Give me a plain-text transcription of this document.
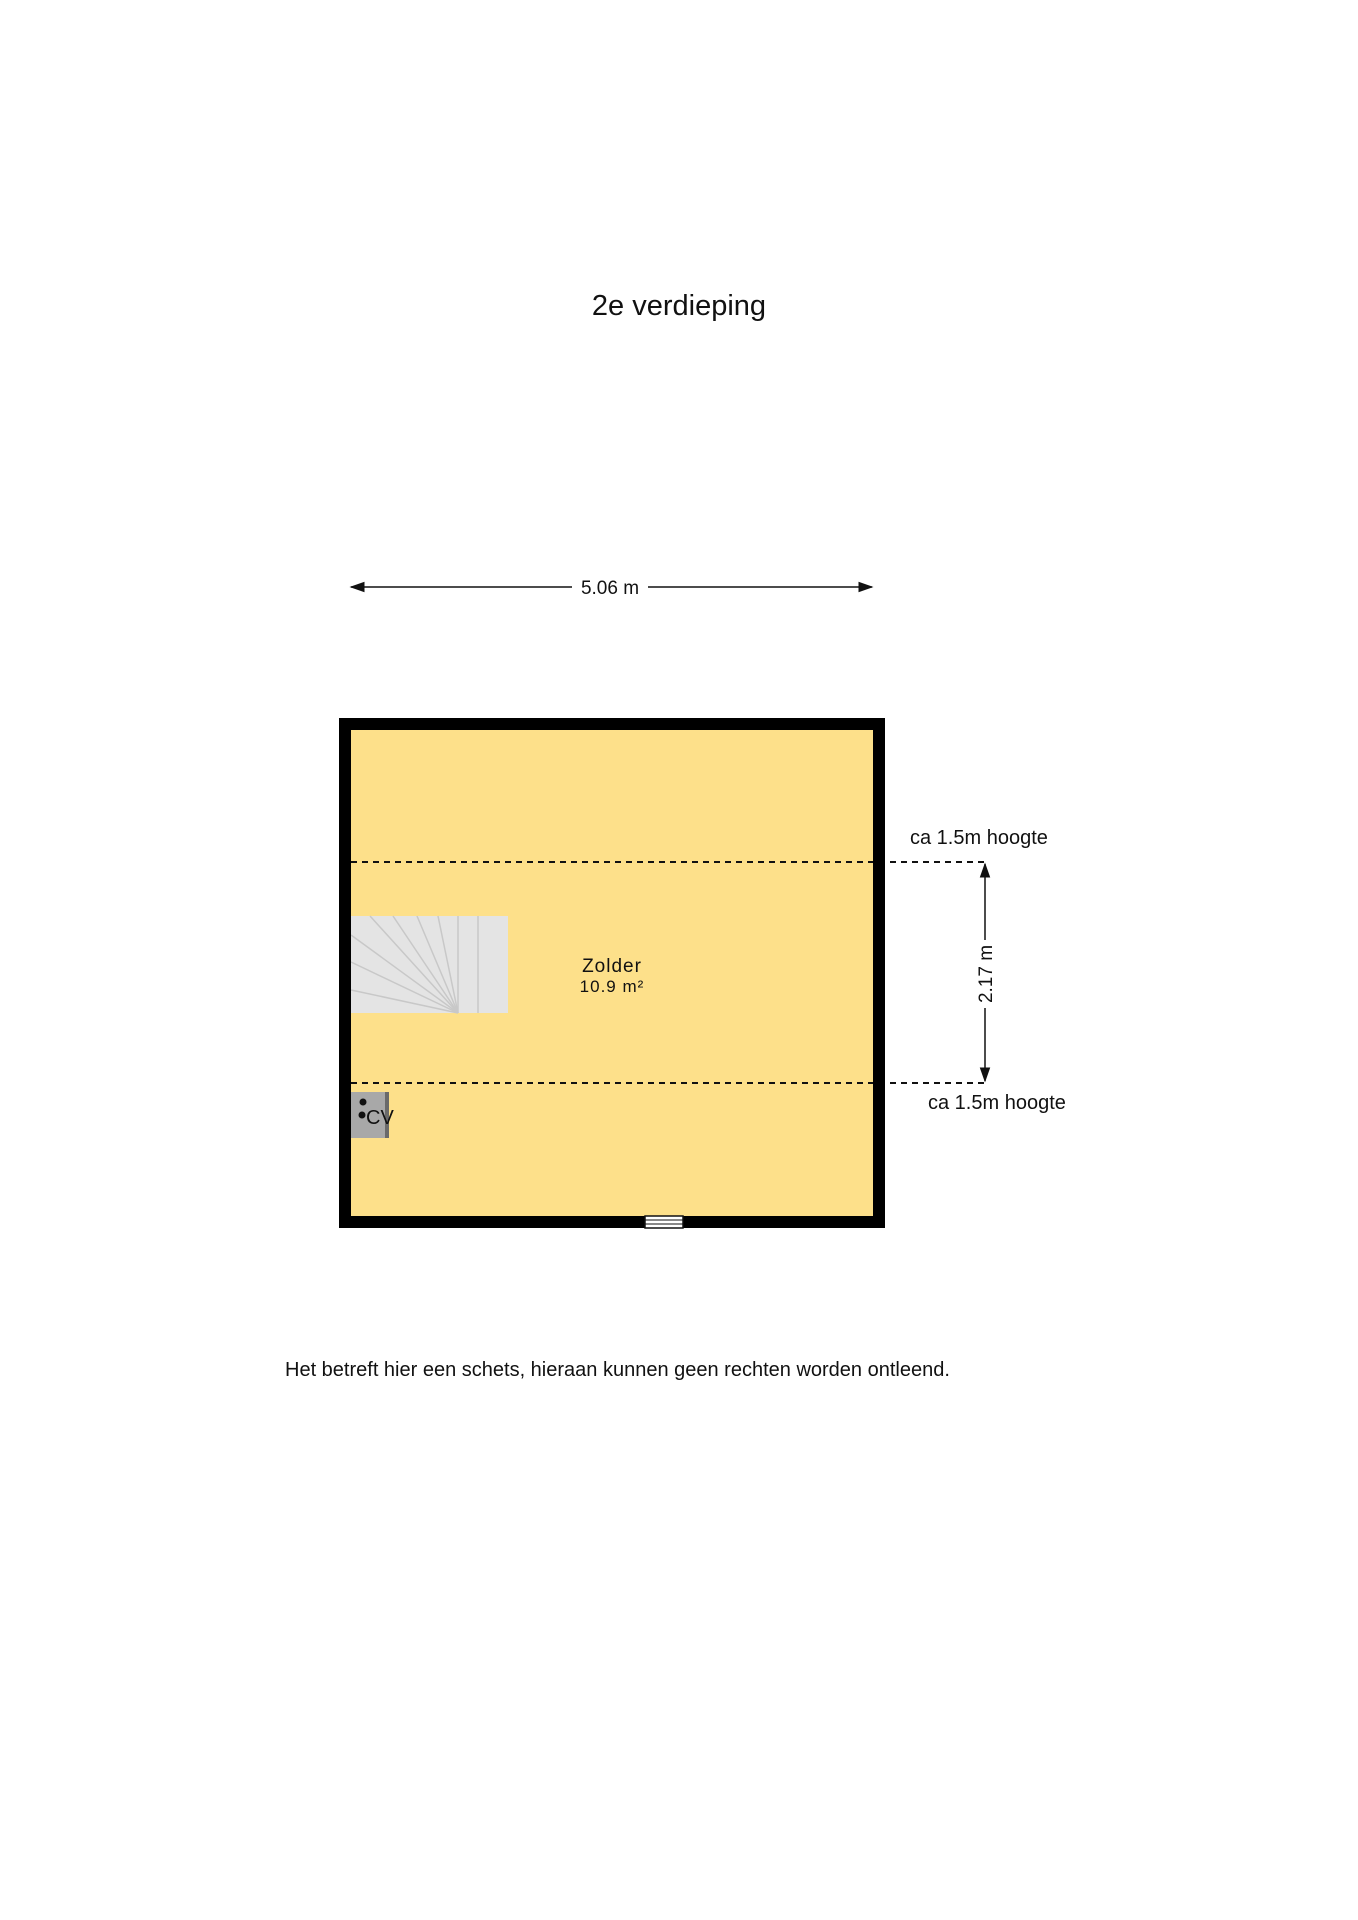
2e verdieping
5.06 m
CV
Zolder
10.9 m²	2.17 m
ca 1.5m hoogte
ca 1.5m hoogte
Het betreft hier een schets, hieraan kunnen geen rechten worden ontleend.
